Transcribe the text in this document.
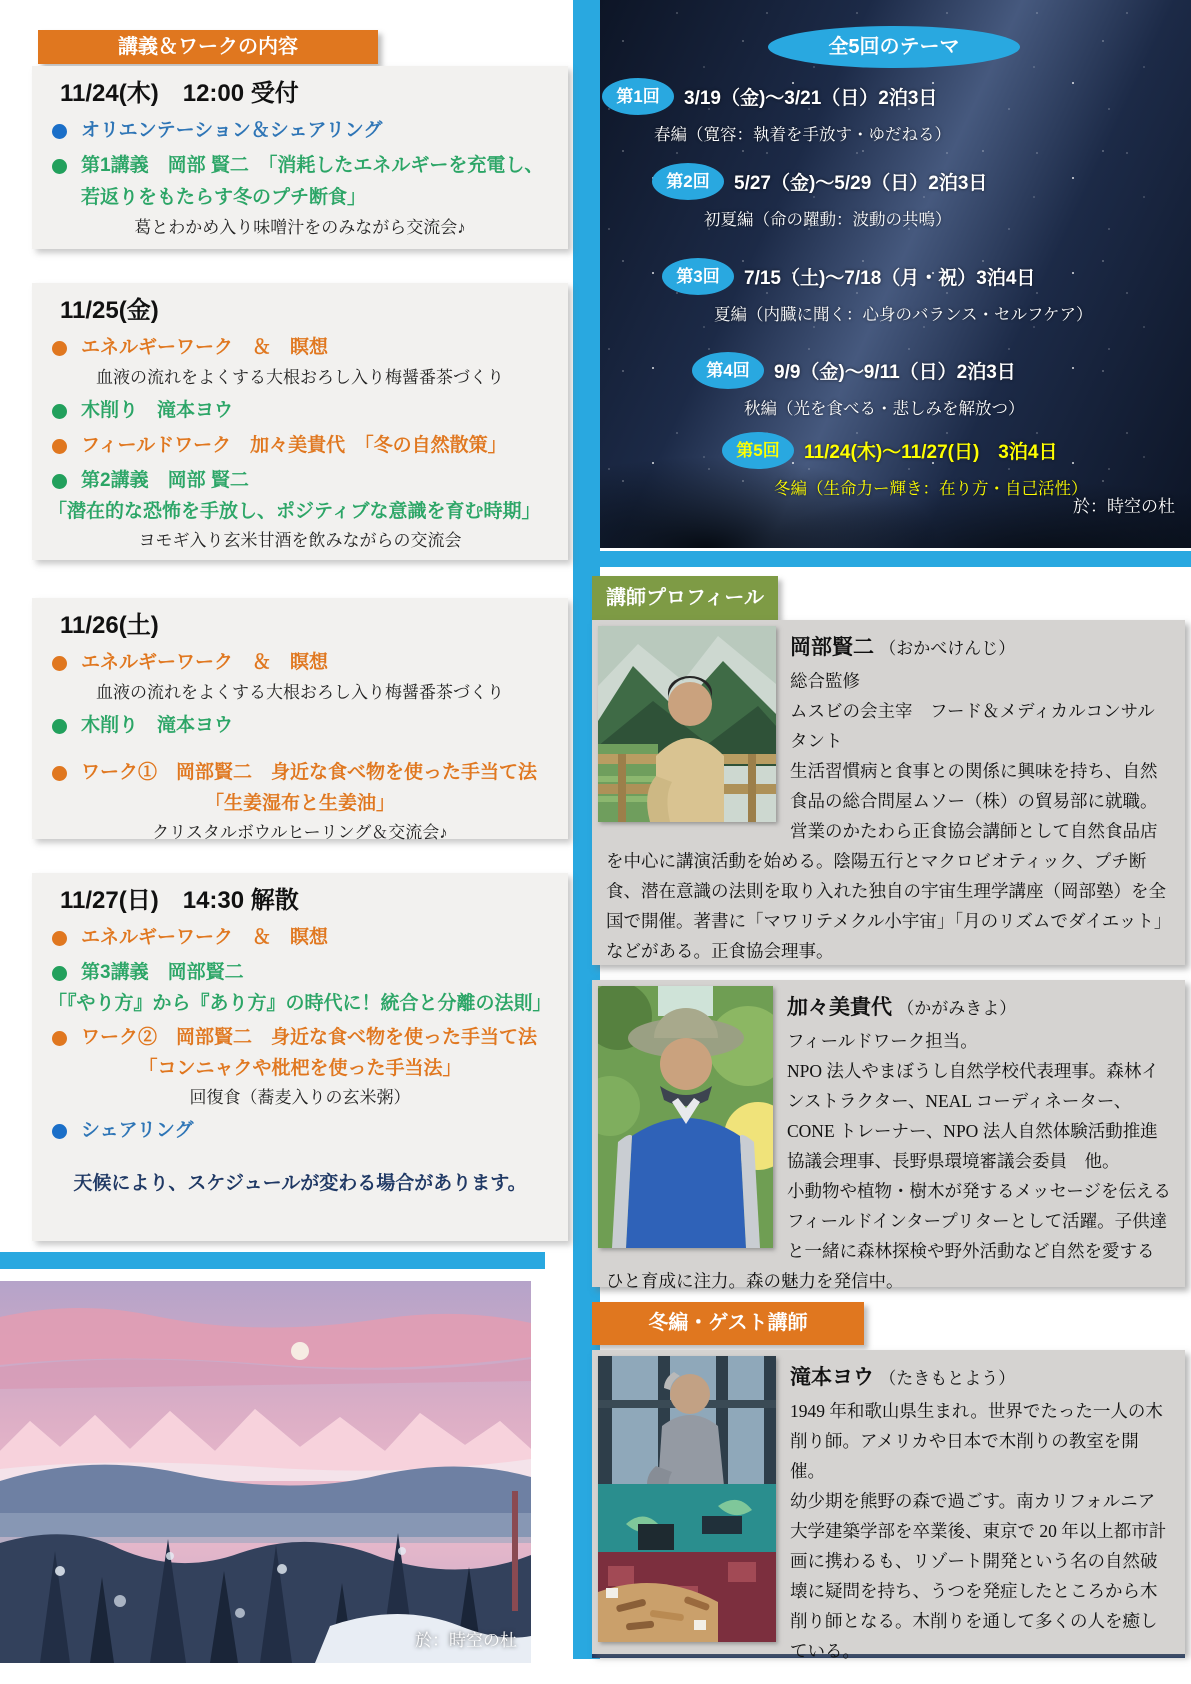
講義＆ワークの内容
11/24(木)　12:00 受付
オリエンテーション＆シェアリング
第1講義　岡部 賢二　「消耗したエネルギーを充電し、若返りをもたらす冬のプチ断食」
葛とわかめ入り味噌汁をのみながら交流会♪
11/25(金)
エネルギーワーク　＆　瞑想
血液の流れをよくする大根おろし入り梅醤番茶づくり
木削り　滝本ヨウ
フィールドワーク　加々美貴代　「冬の自然散策」
第2講義　岡部 賢二
「潜在的な恐怖を手放し、ポジティブな意識を育む時期」
ヨモギ入り玄米甘酒を飲みながらの交流会
11/26(土)
エネルギーワーク　＆　瞑想
血液の流れをよくする大根おろし入り梅醤番茶づくり
木削り　滝本ヨウ
ワーク①　岡部賢二　身近な食べ物を使った手当て法
「生姜湿布と生姜油」
クリスタルボウルヒーリング＆交流会♪
11/27(日)　14:30 解散
エネルギーワーク　＆　瞑想
第3講義　岡部賢二
「『やり方』から『あり方』の時代に！統合と分離の法則」
ワーク②　岡部賢二　身近な食べ物を使った手当て法
「コンニャクや枇杷を使った手当法」
回復食（蕎麦入りの玄米粥）
シェアリング
天候により、スケジュールが変わる場合があります。
全5回のテーマ
第1回 3/19（金)～3/21（日）2泊3日
春編（寛容：執着を手放す・ゆだねる）
第2回 5/27（金)～5/29（日）2泊3日
初夏編（命の躍動：波動の共鳴）
第3回 7/15（土)～7/18（月・祝）3泊4日
夏編（内臓に聞く：心身のバランス・セルフケア）
第4回 9/9（金)～9/11（日）2泊3日
秋編（光を食べる・悲しみを解放つ）
第5回 11/24(木)～11/27(日)　3泊4日
冬編（生命力ー輝き：在り方・自己活性）
於：時空の杜
講師プロフィール
岡部賢二 （おかべけんじ）
総合監修
ムスビの会主宰　フード＆メディカルコンサルタント
生活習慣病と食事との関係に興味を持ち、自然食品の総合問屋ムソー（株）の貿易部に就職。営業のかたわら正食協会講師として自然食品店を中心に講演活動を始める。陰陽五行とマクロビオティック、プチ断食、潜在意識の法則を取り入れた独自の宇宙生理学講座（岡部塾）を全国で開催。著書に「マワリテメクル小宇宙」「月のリズムでダイエット」などがある。正食協会理事。
加々美貴代 （かがみきよ）
フィールドワーク担当。
NPO 法人やまぼうし自然学校代表理事。森林インストラクター、NEAL コーディネーター、CONE トレーナー、NPO 法人自然体験活動推進協議会理事、長野県環境審議会委員　他。
小動物や植物・樹木が発するメッセージを伝えるフィールドインタープリターとして活躍。子供達と一緒に森林探検や野外活動など自然を愛するひと育成に注力。森の魅力を発信中。
冬編・ゲスト講師
滝本ヨウ （たきもとよう）
1949 年和歌山県生まれ。世界でたった一人の木削り師。アメリカや日本で木削りの教室を開催。
幼少期を熊野の森で過ごす。南カリフォルニア大学建築学部を卒業後、東京で 20 年以上都市計画に携わるも、リゾート開発という名の自然破壊に疑問を持ち、うつを発症したところから木削り師となる。木削りを通して多くの人を癒している。
於：時空の杜
